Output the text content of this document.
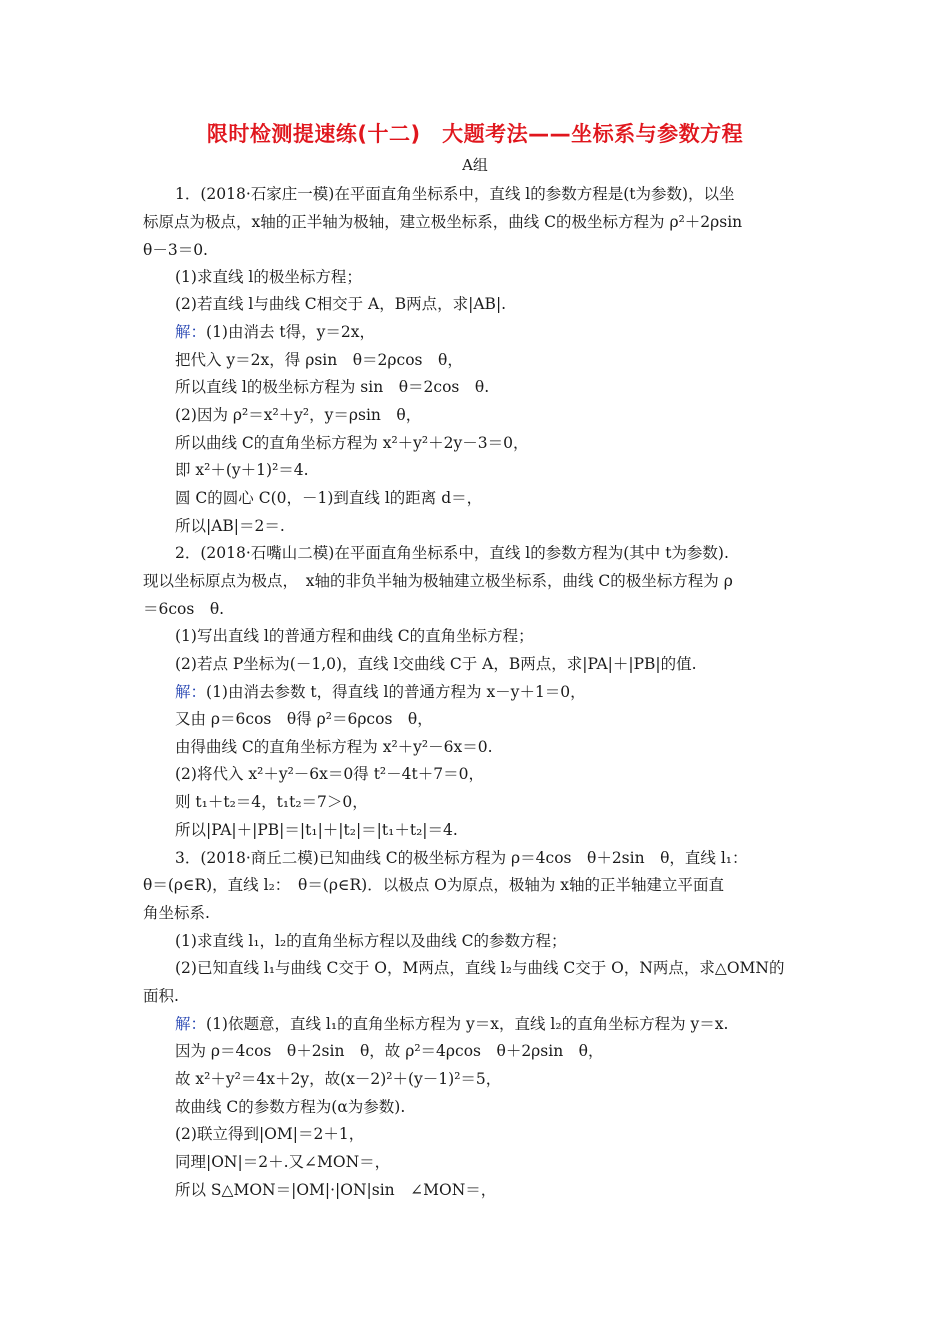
限时检测提速练(十二)　大题考法——坐标系与参数方程
A组
1．(2018·石家庄一模)在平面直角坐标系中，直线 l的参数方程是(t为参数)，以坐
标原点为极点，x轴的正半轴为极轴，建立极坐标系，曲线 C的极坐标方程为 ρ²＋2ρsin
θ－3＝0.
(1)求直线 l的极坐标方程；
(2)若直线 l与曲线 C相交于 A，B两点，求|AB|.
解：(1)由消去 t得，y＝2x，
把代入 y＝2x，得 ρsin　θ＝2ρcos　θ，
所以直线 l的极坐标方程为 sin　θ＝2cos　θ.
(2)因为 ρ²＝x²＋y²，y＝ρsin　θ，
所以曲线 C的直角坐标方程为 x²＋y²＋2y－3＝0，
即 x²＋(y＋1)²＝4.
圆 C的圆心 C(0，－1)到直线 l的距离 d＝，
所以|AB|＝2＝.
2．(2018·石嘴山二模)在平面直角坐标系中，直线 l的参数方程为(其中 t为参数).
现以坐标原点为极点，　x轴的非负半轴为极轴建立极坐标系，曲线 C的极坐标方程为 ρ
＝6cos　θ.
(1)写出直线 l的普通方程和曲线 C的直角坐标方程；
(2)若点 P坐标为(－1,0)，直线 l交曲线 C于 A，B两点，求|PA|＋|PB|的值.
解：(1)由消去参数 t，得直线 l的普通方程为 x－y＋1＝0，
又由 ρ＝6cos　θ得 ρ²＝6ρcos　θ，
由得曲线 C的直角坐标方程为 x²＋y²－6x＝0.
(2)将代入 x²＋y²－6x＝0得 t²－4t＋7＝0，
则 t₁＋t₂＝4，t₁t₂＝7＞0，
所以|PA|＋|PB|＝|t₁|＋|t₂|＝|t₁＋t₂|＝4.
3．(2018·商丘二模)已知曲线 C的极坐标方程为 ρ＝4cos　θ＋2sin　θ，直线 l₁：
θ＝(ρ∈R)，直线 l₂：　θ＝(ρ∈R)．以极点 O为原点，极轴为 x轴的正半轴建立平面直
角坐标系.
(1)求直线 l₁，l₂的直角坐标方程以及曲线 C的参数方程；
(2)已知直线 l₁与曲线 C交于 O，M两点，直线 l₂与曲线 C交于 O，N两点，求△OMN的
面积.
解：(1)依题意，直线 l₁的直角坐标方程为 y＝x，直线 l₂的直角坐标方程为 y＝x.
因为 ρ＝4cos　θ＋2sin　θ，故 ρ²＝4ρcos　θ＋2ρsin　θ，
故 x²＋y²＝4x＋2y，故(x－2)²＋(y－1)²＝5，
故曲线 C的参数方程为(α为参数).
(2)联立得到|OM|＝2＋1，
同理|ON|＝2＋.又∠MON＝，
所以 S△MON＝|OM|·|ON|sin　∠MON＝，
